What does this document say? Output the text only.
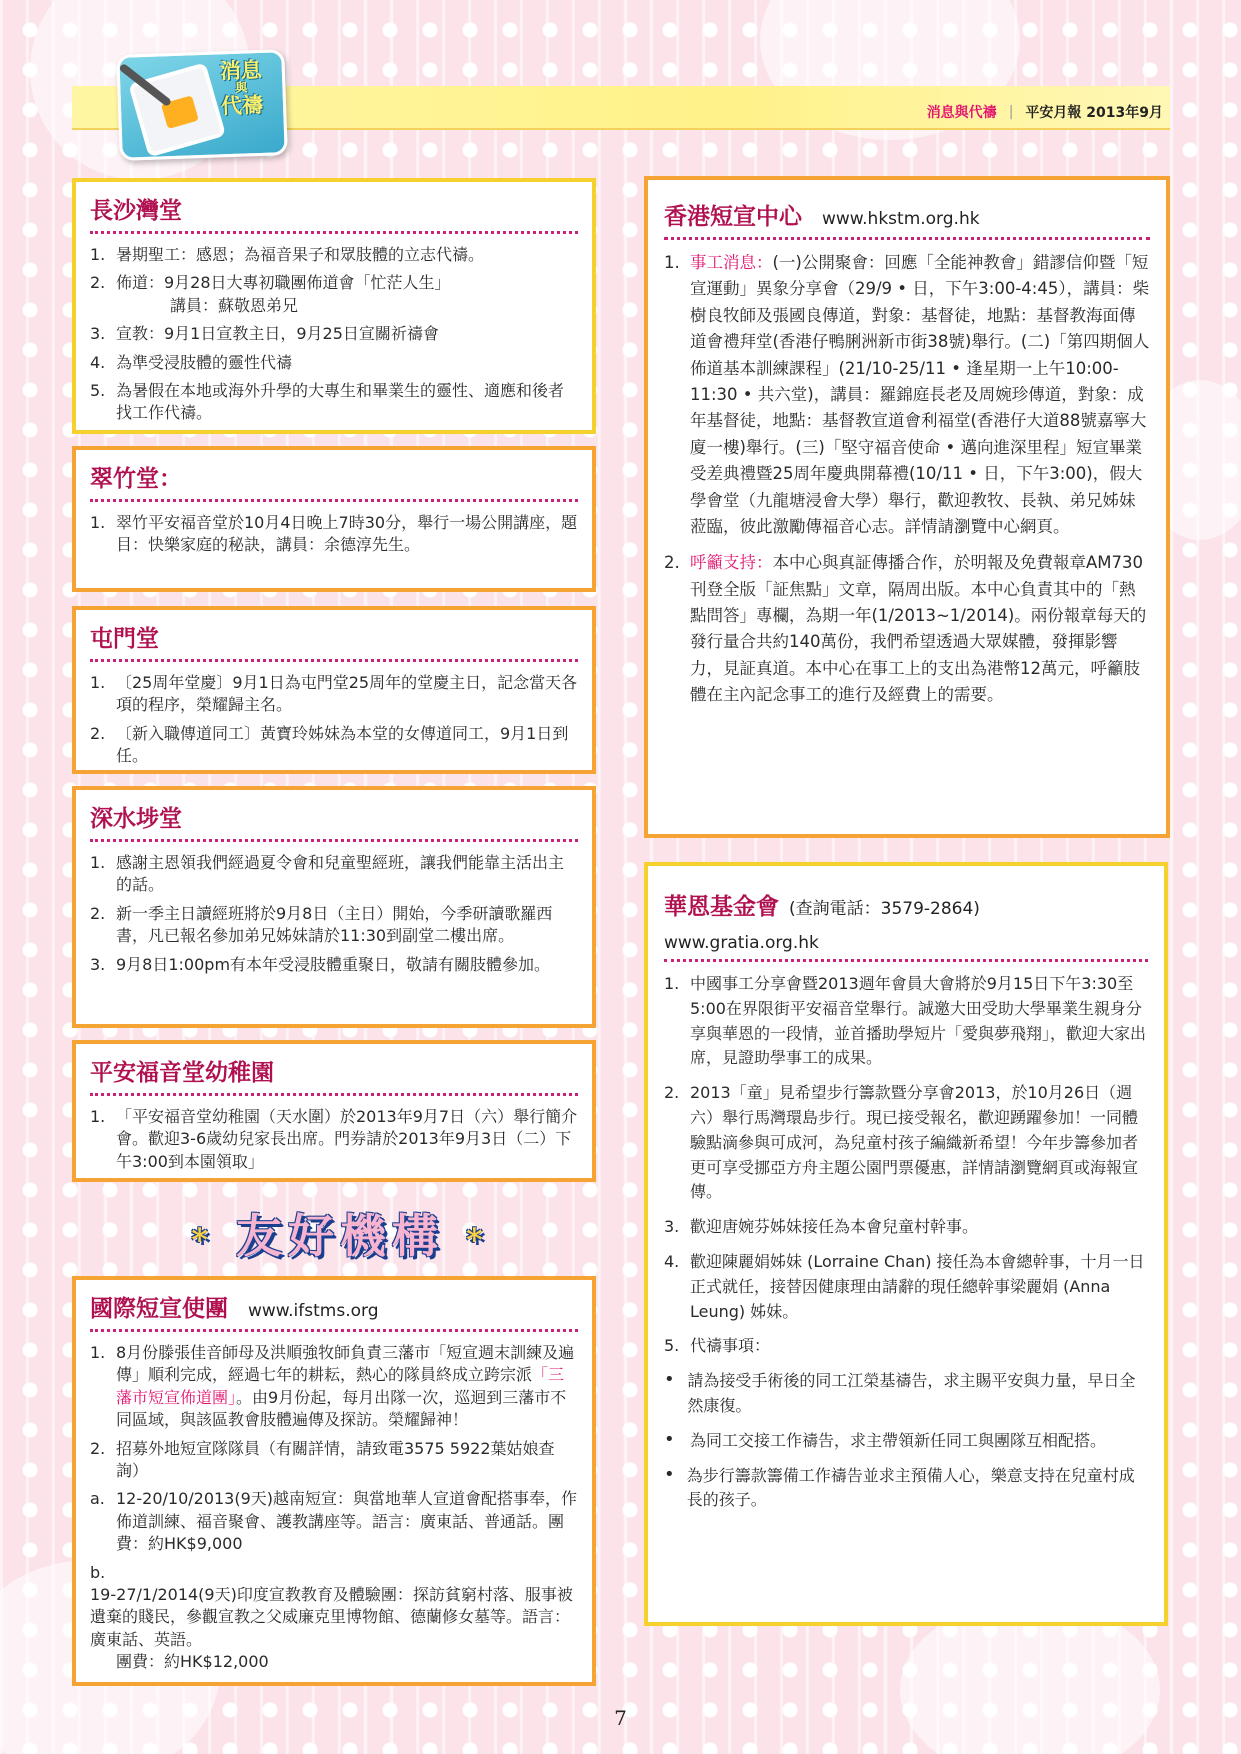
消息
與
代禱	消息與代禱 | 平安月報 2013年9月
長沙灣堂
1. 暑期聖工：感恩；為福音果子和眾肢體的立志代禱。
2. 佈道：9月28日大專初職團佈道會「忙茫人生」
講員：蘇敬恩弟兄
3. 宣教：9月1日宣教主日，9月25日宣關祈禱會
4. 為準受浸肢體的靈性代禱
5. 為暑假在本地或海外升學的大專生和畢業生的靈性、適應和後者找工作代禱。
翠竹堂：
1. 翠竹平安福音堂於10月4日晚上7時30分，舉行一場公開講座，題目：快樂家庭的秘訣，講員：余德淳先生。
屯門堂
1. 〔25周年堂慶〕9月1日為屯門堂25周年的堂慶主日，記念當天各項的程序，榮耀歸主名。
2. 〔新入職傳道同工〕黃寶玲姊妹為本堂的女傳道同工，9月1日到任。
深水埗堂
1. 感謝主恩領我們經過夏令會和兒童聖經班，讓我們能靠主活出主的話。
2. 新一季主日讀經班將於9月8日（主日）開始，今季研讀歌羅西書，凡已報名參加弟兄姊妹請於11:30到副堂二樓出席。
3. 9月8日1:00pm有本年受浸肢體重聚日，敬請有關肢體參加。
平安福音堂幼稚園
1. 「平安福音堂幼稚園（天水圍）於2013年9月7日（六）舉行簡介會。歡迎3-6歲幼兒家長出席。門券請於2013年9月3日（二）下午3:00到本園領取」
* 友好機構 *
國際短宣使團 www.ifstms.org
1. 8月份滕張佳音師母及洪順強牧師負責三藩市「短宣週末訓練及遍傳」順利完成，經過七年的耕耘，熱心的隊員終成立跨宗派「三藩市短宣佈道團」。由9月份起，每月出隊一次，巡迴到三藩市不同區域，與該區教會肢體遍傳及探訪。榮耀歸神！
2. 招募外地短宣隊隊員（有關詳情，請致電3575 5922葉姑娘查詢）
a. 12-20/10/2013(9天)越南短宣：與當地華人宣道會配搭事奉，作佈道訓練、福音聚會、護教講座等。語言：廣東話、普通話。團費：約HK$9,000
b.
19-27/1/2014(9天)印度宣教教育及體驗團：探訪貧窮村落、服事被遺棄的賤民，參觀宣教之父威廉克里博物館、德蘭修女墓等。語言：廣東話、英語。
團費：約HK$12,000
香港短宣中心 www.hkstm.org.hk
1. 事工消息：(一)公開聚會：回應「全能神教會」錯謬信仰暨「短宣運動」異象分享會（29/9 • 日，下午3:00-4:45），講員：柴樹良牧師及張國良傳道，對象：基督徒，地點：基督教海面傳道會禮拜堂(香港仔鴨脷洲新市街38號)舉行。(二)「第四期個人佈道基本訓練課程」(21/10-25/11 • 逢星期一上午10:00-11:30 • 共六堂)，講員：羅錦庭長老及周婉珍傳道，對象：成年基督徒，地點：基督教宣道會利福堂(香港仔大道88號嘉寧大廈一樓)舉行。(三)「堅守福音使命 • 邁向進深里程」短宣畢業受差典禮暨25周年慶典開幕禮(10/11 • 日，下午3:00)，假大學會堂（九龍塘浸會大學）舉行，歡迎教牧、長執、弟兄姊妹蒞臨，彼此激勵傳福音心志。詳情請瀏覽中心網頁。
2. 呼籲支持：本中心與真証傳播合作，於明報及免費報章AM730刊登全版「証焦點」文章，隔周出版。本中心負責其中的「熱點問答」專欄，為期一年(1/2013~1/2014)。兩份報章每天的發行量合共約140萬份，我們希望透過大眾媒體，發揮影響力，見証真道。本中心在事工上的支出為港幣12萬元，呼籲肢體在主內記念事工的進行及經費上的需要。
華恩基金會 (查詢電話：3579-2864)
www.gratia.org.hk
1. 中國事工分享會暨2013週年會員大會將於9月15日下午3:30至5:00在界限街平安福音堂舉行。誠邀大田受助大學畢業生親身分享與華恩的一段情，並首播助學短片「愛與夢飛翔」，歡迎大家出席，見證助學事工的成果。
2. 2013「童」見希望步行籌款暨分享會2013，於10月26日（週六）舉行馬灣環島步行。現已接受報名，歡迎踴躍參加！一同體驗點滴參與可成河，為兒童村孩子編織新希望！今年步籌參加者更可享受挪亞方舟主題公園門票優惠，詳情請瀏覽網頁或海報宣傳。
3. 歡迎唐婉芬姊妹接任為本會兒童村幹事。
4. 歡迎陳麗娟姊妹 (Lorraine Chan) 接任為本會總幹事，十月一日正式就任，接替因健康理由請辭的現任總幹事梁麗娟 (Anna Leung) 姊妹。
5. 代禱事項：
• 請為接受手術後的同工江榮基禱告，求主賜平安與力量，早日全然康復。
• 為同工交接工作禱告，求主帶領新任同工與團隊互相配搭。
• 為步行籌款籌備工作禱告並求主預備人心，樂意支持在兒童村成長的孩子。
7
